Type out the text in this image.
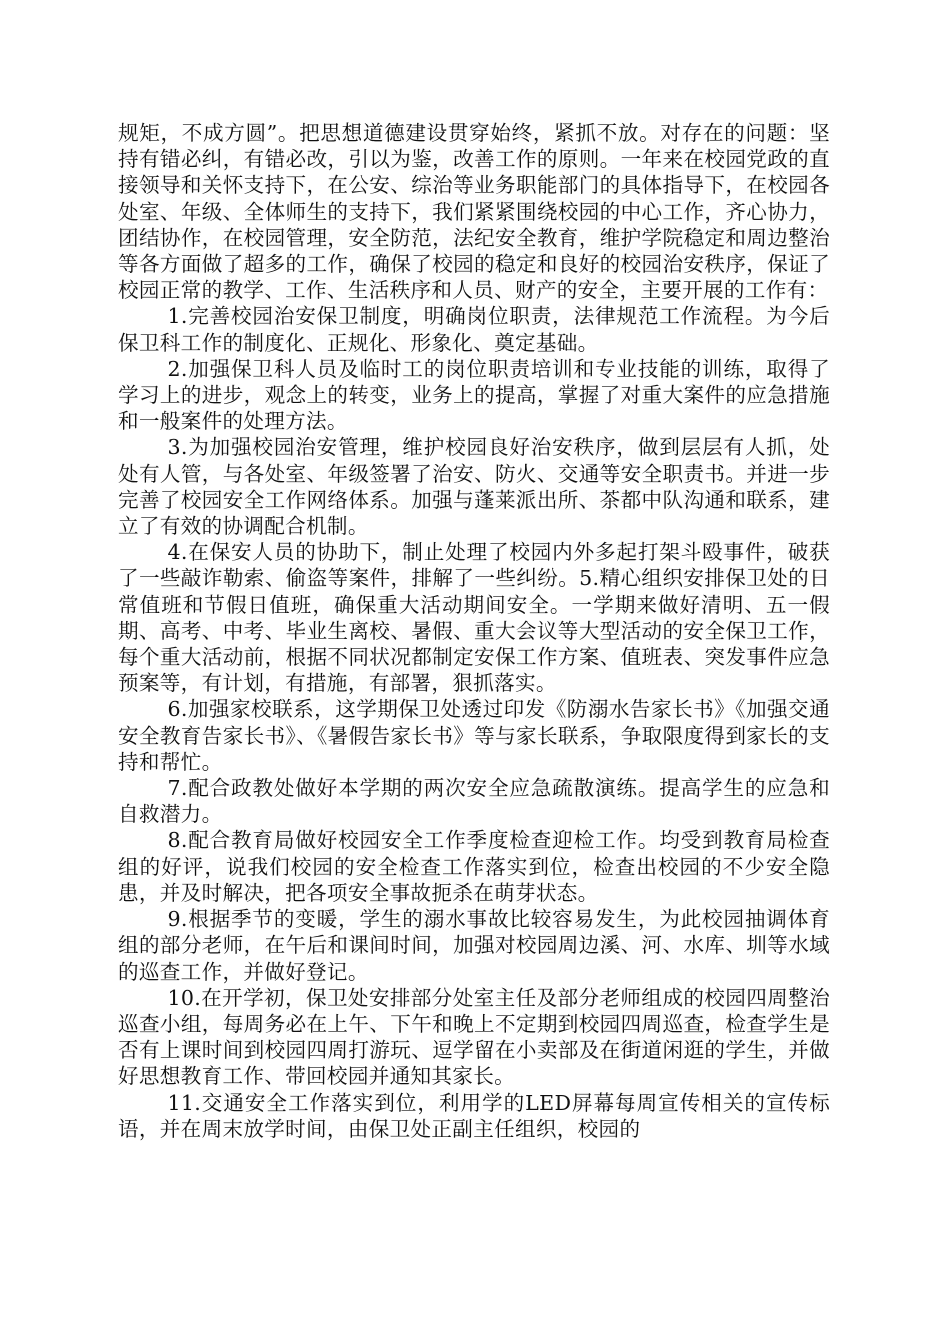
规矩，不成方圆”。把思想道德建设贯穿始终，紧抓不放。对存在的问题：坚持有错必纠，有错必改，引以为鉴，改善工作的原则。一年来在校园党政的直接领导和关怀支持下，在公安、综治等业务职能部门的具体指导下，在校园各处室、年级、全体师生的支持下，我们紧紧围绕校园的中心工作，齐心协力，团结协作，在校园管理，安全防范，法纪安全教育，维护学院稳定和周边整治等各方面做了超多的工作，确保了校园的稳定和良好的校园治安秩序，保证了校园正常的教学、工作、生活秩序和人员、财产的安全，主要开展的工作有：

1.完善校园治安保卫制度，明确岗位职责，法律规范工作流程。为今后保卫科工作的制度化、正规化、形象化、奠定基础。

2.加强保卫科人员及临时工的岗位职责培训和专业技能的训练，取得了学习上的进步，观念上的转变，业务上的提高，掌握了对重大案件的应急措施和一般案件的处理方法。

3.为加强校园治安管理，维护校园良好治安秩序，做到层层有人抓，处处有人管，与各处室、年级签署了治安、防火、交通等安全职责书。并进一步完善了校园安全工作网络体系。加强与蓬莱派出所、茶都中队沟通和联系，建立了有效的协调配合机制。

4.在保安人员的协助下，制止处理了校园内外多起打架斗殴事件，破获了一些敲诈勒索、偷盗等案件，排解了一些纠纷。5.精心组织安排保卫处的日常值班和节假日值班，确保重大活动期间安全。一学期来做好清明、五一假期、高考、中考、毕业生离校、暑假、重大会议等大型活动的安全保卫工作，每个重大活动前，根据不同状况都制定安保工作方案、值班表、突发事件应急预案等，有计划，有措施，有部署，狠抓落实。

6.加强家校联系，这学期保卫处透过印发《防溺水告家长书》《加强交通安全教育告家长书》、《暑假告家长书》等与家长联系，争取限度得到家长的支持和帮忙。

7.配合政教处做好本学期的两次安全应急疏散演练。提高学生的应急和自救潜力。

8.配合教育局做好校园安全工作季度检查迎检工作。均受到教育局检查组的好评，说我们校园的安全检查工作落实到位，检查出校园的不少安全隐患，并及时解决，把各项安全事故扼杀在萌芽状态。

9.根据季节的变暖，学生的溺水事故比较容易发生，为此校园抽调体育组的部分老师，在午后和课间时间，加强对校园周边溪、河、水库、圳等水域的巡查工作，并做好登记。

10.在开学初，保卫处安排部分处室主任及部分老师组成的校园四周整治巡查小组，每周务必在上午、下午和晚上不定期到校园四周巡查，检查学生是否有上课时间到校园四周打游玩、逗学留在小卖部及在街道闲逛的学生，并做好思想教育工作、带回校园并通知其家长。

11.交通安全工作落实到位，利用学的LED屏幕每周宣传相关的宣传标语，并在周末放学时间，由保卫处正副主任组织，校园的
